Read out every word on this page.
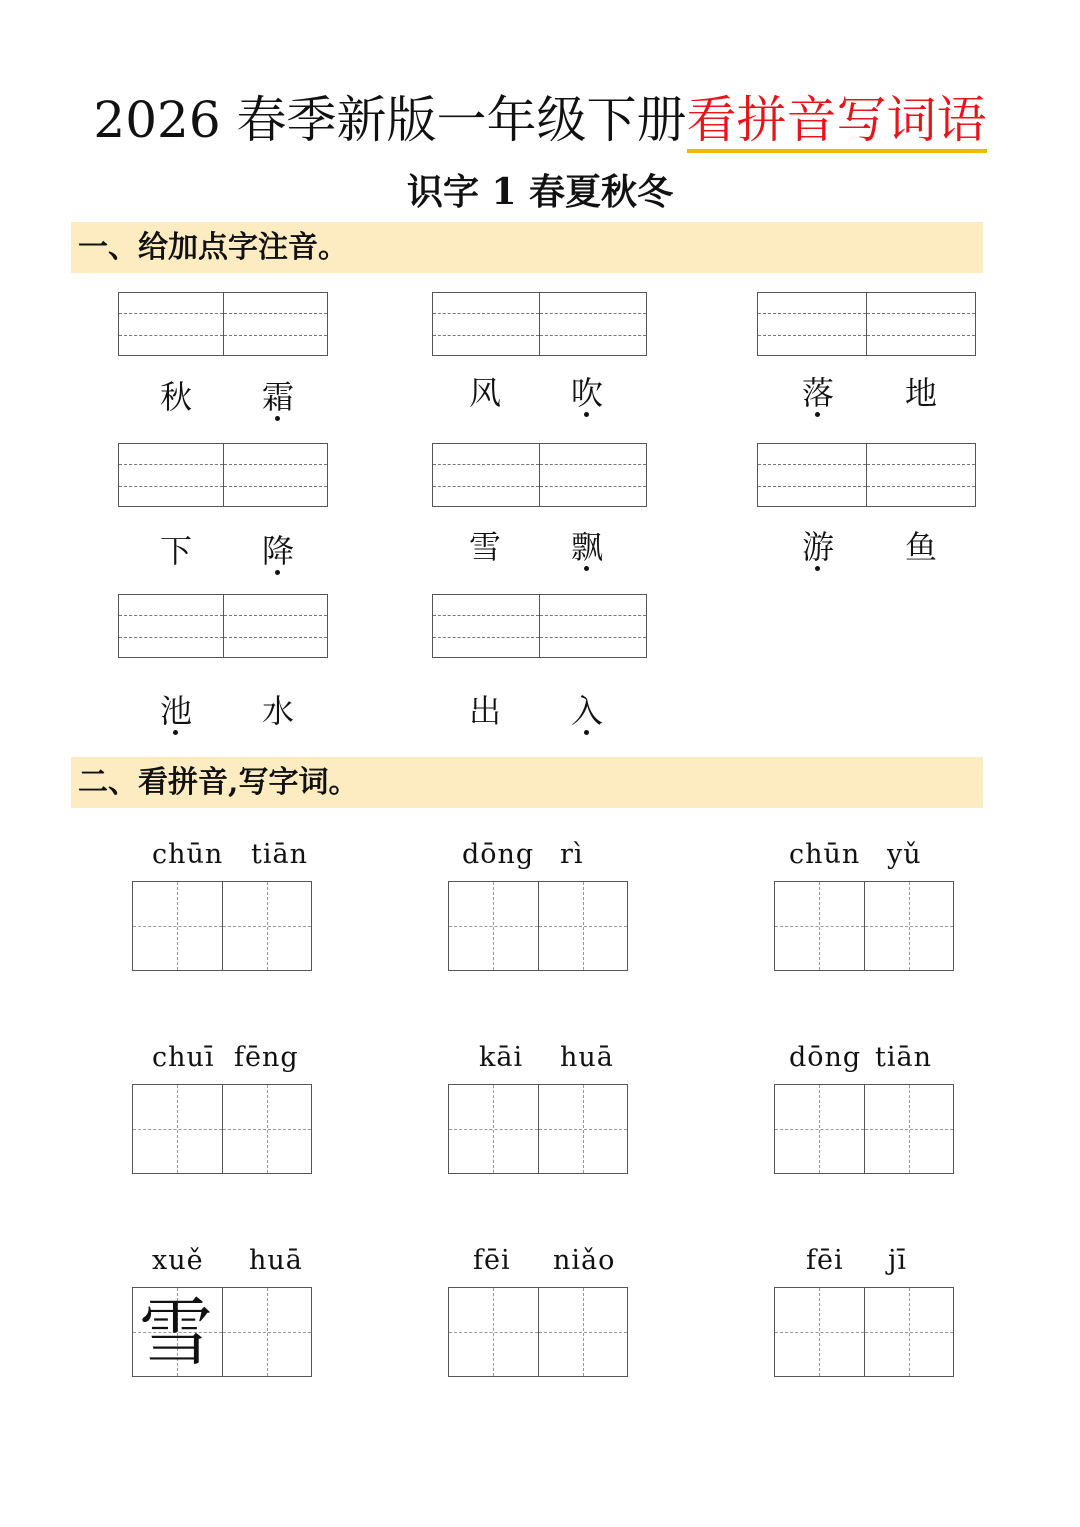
2026 春季新版一年级下册看拼音写词语
识字 1 春夏秋冬
一、给加点字注音。
秋 霜	风 吹	落 地
下 降	雪 飘	游 鱼
池 水	出 入
二、看拼音,写字词。
chūn tiān	dōng rì	chūn yǔ
chuī fēng	kāi huā	dōng tiān
xuě huā	fēi niǎo	fēi jī
雪
